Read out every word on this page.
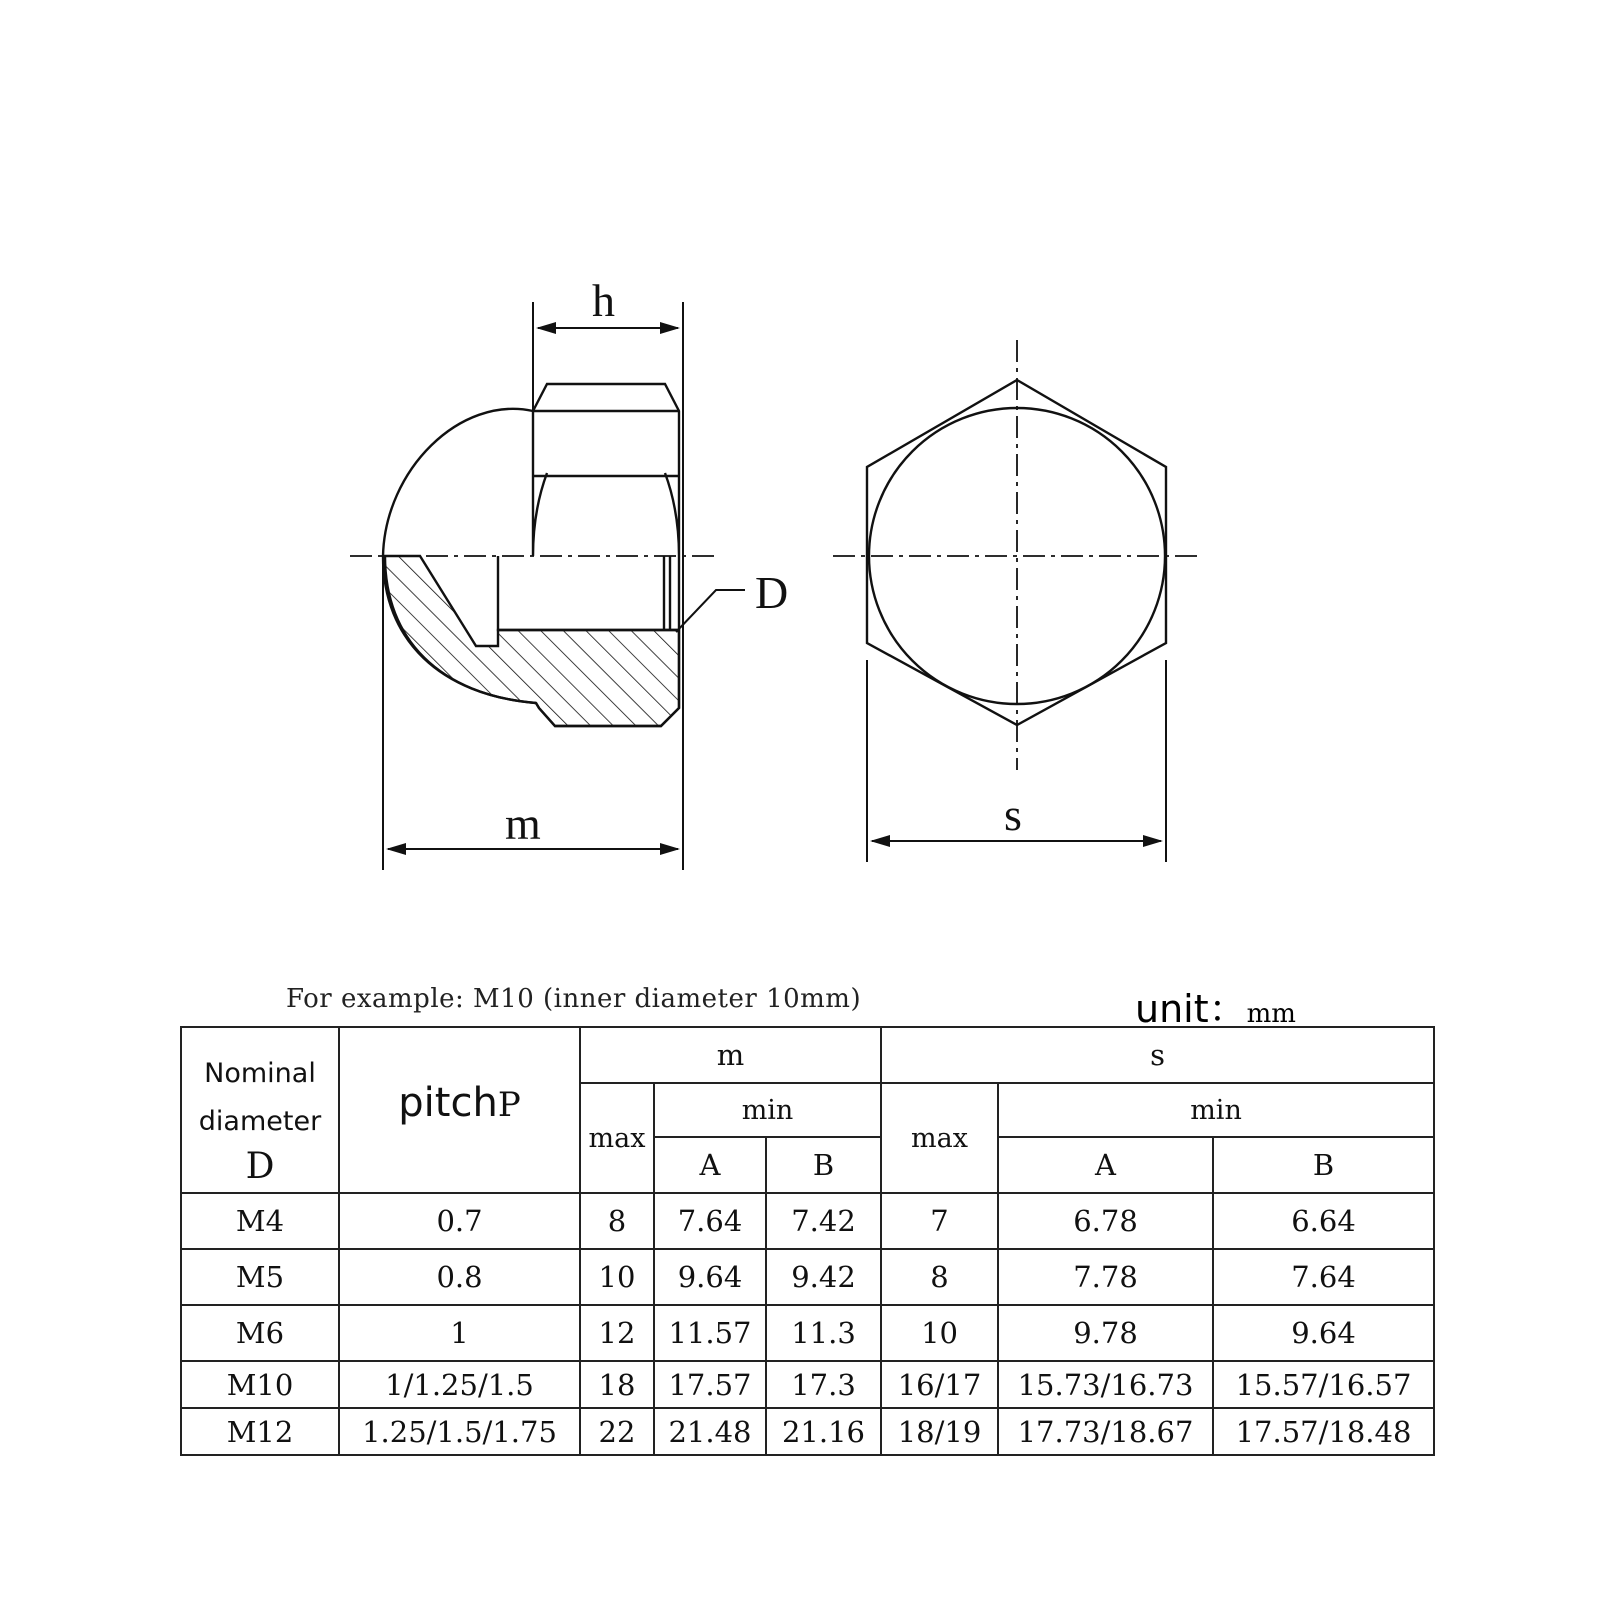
h
m
D
s
For example: M10 (inner diameter 10mm)	unit：mm
Nominal
diameter
D	pitchP	m			s		
		max	min		max	min	
			A	B		A	B
M4	0.7	8	7.64	7.42	7	6.78	6.64
M5	0.8	10	9.64	9.42	8	7.78	7.64
M6	1	12	11.57	11.3	10	9.78	9.64
M10	1/1.25/1.5	18	17.57	17.3	16/17	15.73/16.73	15.57/16.57
M12	1.25/1.5/1.75	22	21.48	21.16	18/19	17.73/18.67	17.57/18.48
